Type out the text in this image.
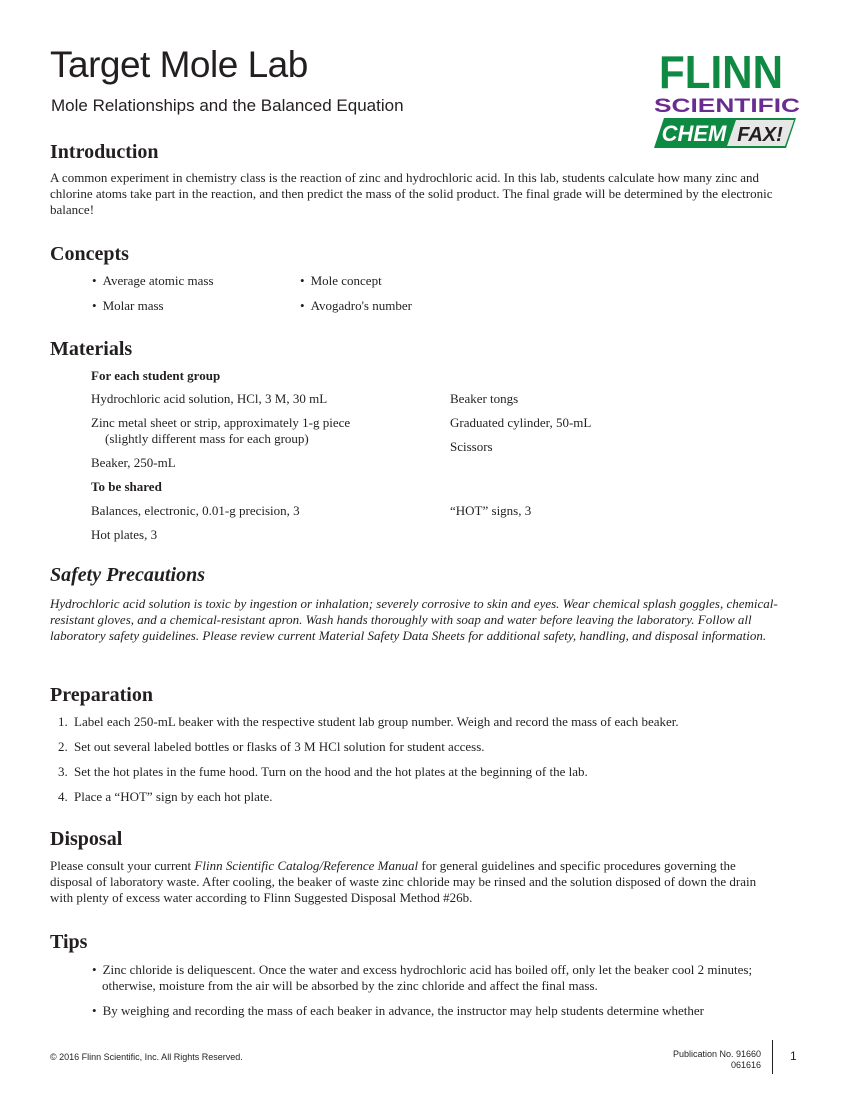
Target Mole Lab
Mole Relationships and the Balanced Equation
FLINN
SCIENTIFIC
CHEM FAX!
Introduction

A common experiment in chemistry class is the reaction of zinc and hydrochloric acid. In this lab, students calculate how many zinc and chlorine atoms take part in the reaction, and then predict the mass of the solid product. The final grade will be determined by the electronic balance!

Concepts
• Average atomic mass	• Mole concept
• Molar mass	• Avogadro's number
Materials
For each student group
Hydrochloric acid solution, HCl, 3 M, 30 mL
Zinc metal sheet or strip, approximately 1-g piece
(slightly different mass for each group)
Beaker, 250-mL
Beaker tongs
Graduated cylinder, 50-mL
Scissors
To be shared
Balances, electronic, 0.01-g precision, 3
Hot plates, 3
“HOT” signs, 3
Safety Precautions

Hydrochloric acid solution is toxic by ingestion or inhalation; severely corrosive to skin and eyes. Wear chemical splash goggles, chemical-resistant gloves, and a chemical-resistant apron. Wash hands thoroughly with soap and water before leaving the laboratory. Follow all laboratory safety guidelines. Please review current Material Safety Data Sheets for additional safety, handling, and disposal information.

Preparation
1. Label each 250-mL beaker with the respective student lab group number. Weigh and record the mass of each beaker.
2. Set out several labeled bottles or flasks of 3 M HCl solution for student access.
3. Set the hot plates in the fume hood. Turn on the hood and the hot plates at the beginning of the lab.
4. Place a “HOT” sign by each hot plate.
Disposal

Please consult your current Flinn Scientific Catalog/Reference Manual for general guidelines and specific procedures governing the disposal of laboratory waste. After cooling, the beaker of waste zinc chloride may be rinsed and the solution disposed of down the drain with plenty of excess water according to Flinn Suggested Disposal Method #26b.

Tips
• Zinc chloride is deliquescent. Once the water and excess hydrochloric acid has boiled off, only let the beaker cool 2 minutes; otherwise, moisture from the air will be absorbed by the zinc chloride and affect the final mass.
• By weighing and recording the mass of each beaker in advance, the instructor may help students determine whether
© 2016 Flinn Scientific, Inc. All Rights Reserved.	Publication No. 91660
061616
1
